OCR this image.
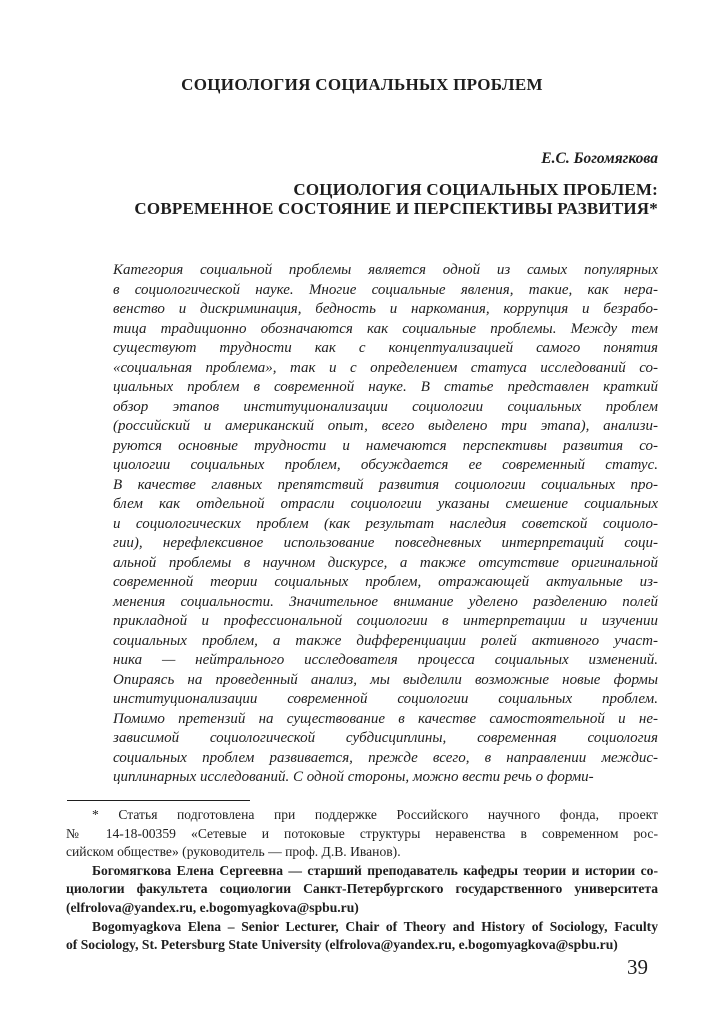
СОЦИОЛОГИЯ СОЦИАЛЬНЫХ ПРОБЛЕМ
Е.С. Богомягкова
СОЦИОЛОГИЯ СОЦИАЛЬНЫХ ПРОБЛЕМ:
СОВРЕМЕННОЕ СОСТОЯНИЕ И ПЕРСПЕКТИВЫ РАЗВИТИЯ*
Категория социальной проблемы является одной из самых популярных
в социологической науке. Многие социальные явления, такие, как нера-
венство и дискриминация, бедность и наркомания, коррупция и безрабо-
тица традиционно обозначаются как социальные проблемы. Между тем
существуют трудности как с концептуализацией самого понятия
«социальная проблема», так и с определением статуса исследований со-
циальных проблем в современной науке. В статье представлен краткий
обзор этапов институционализации социологии социальных проблем
(российский и американский опыт, всего выделено три этапа), анализи-
руются основные трудности и намечаются перспективы развития со-
циологии социальных проблем, обсуждается ее современный статус.
В качестве главных препятствий развития социологии социальных про-
блем как отдельной отрасли социологии указаны смешение социальных
и социологических проблем (как результат наследия советской социоло-
гии), нерефлексивное использование повседневных интерпретаций соци-
альной проблемы в научном дискурсе, а также отсутствие оригинальной
современной теории социальных проблем, отражающей актуальные из-
менения социальности. Значительное внимание уделено разделению полей
прикладной и профессиональной социологии в интерпретации и изучении
социальных проблем, а также дифференциации ролей активного участ-
ника — нейтрального исследователя процесса социальных изменений.
Опираясь на проведенный анализ, мы выделили возможные новые формы
институционализации современной социологии социальных проблем.
Помимо претензий на существование в качестве самостоятельной и не-
зависимой социологической субдисциплины, современная социология
социальных проблем развивается, прежде всего, в направлении междис-
циплинарных исследований. С одной стороны, можно вести речь о форми-
* Статья подготовлена при поддержке Российского научного фонда, проект
№ 14-18-00359 «Сетевые и потоковые структуры неравенства в современном рос-
сийском обществе» (руководитель — проф. Д.В. Иванов).
Богомягкова Елена Сергеевна — старший преподаватель кафедры теории и истории со-
циологии факультета социологии Санкт-Петербургского государственного университета
(elfrolova@yandex.ru, e.bogomyagkova@spbu.ru)
Bogomyagkova Elena – Senior Lecturer, Chair of Theory and History of Sociology, Faculty
of Sociology, St. Petersburg State University (elfrolova@yandex.ru, e.bogomyagkova@spbu.ru)
39
